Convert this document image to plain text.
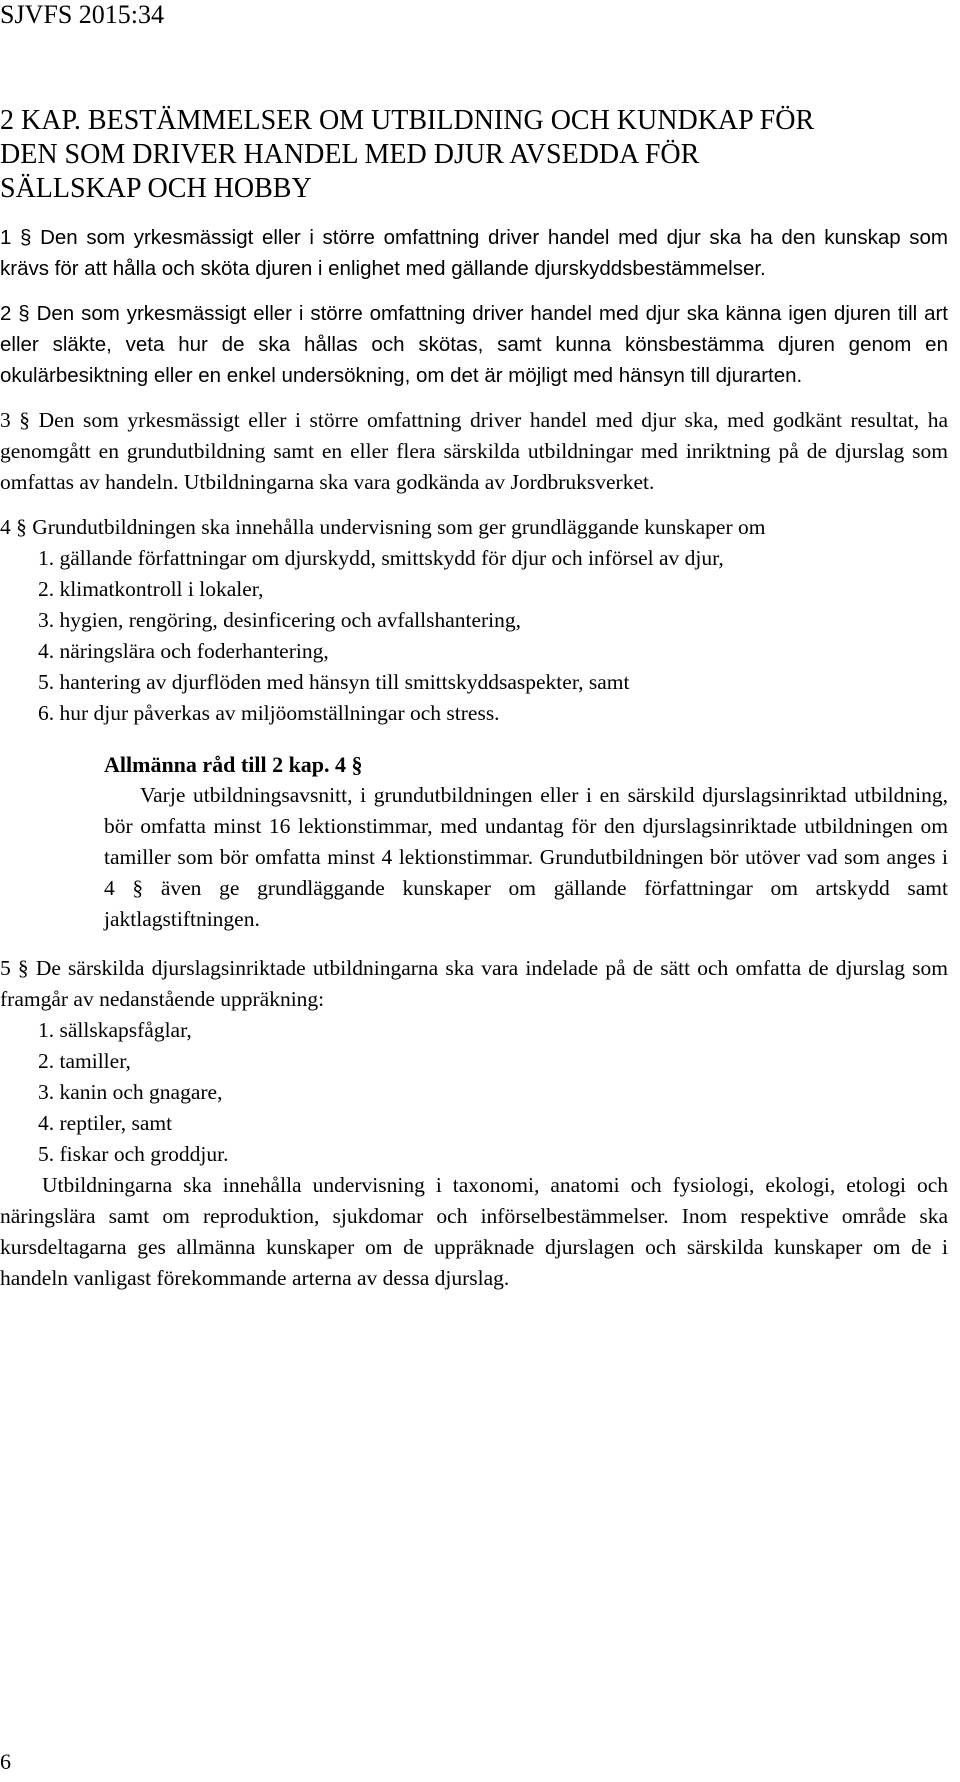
SJVFS 2015:34
2 KAP. BESTÄMMELSER OM UTBILDNING OCH KUNDKAP FÖR
DEN SOM DRIVER HANDEL MED DJUR AVSEDDA FÖR
SÄLLSKAP OCH HOBBY

1 § Den som yrkesmässigt eller i större omfattning driver handel med djur ska ha den kunskap som krävs för att hålla och sköta djuren i enlighet med gällande djurskyddsbestämmelser.

2 § Den som yrkesmässigt eller i större omfattning driver handel med djur ska känna igen djuren till art eller släkte, veta hur de ska hållas och skötas, samt kunna könsbestämma djuren genom en okulärbesiktning eller en enkel undersökning, om det är möjligt med hänsyn till djurarten.

3 § Den som yrkesmässigt eller i större omfattning driver handel med djur ska, med godkänt resultat, ha genomgått en grundutbildning samt en eller flera särskilda utbildningar med inriktning på de djurslag som omfattas av handeln. Utbildningarna ska vara godkända av Jordbruksverket.

4 § Grundutbildningen ska innehålla undervisning som ger grundläggande kunskaper om

1. gällande författningar om djurskydd, smittskydd för djur och införsel av djur,
2. klimatkontroll i lokaler,
3. hygien, rengöring, desinficering och avfallshantering,
4. näringslära och foderhantering,
5. hantering av djurflöden med hänsyn till smittskyddsaspekter, samt
6. hur djur påverkas av miljöomställningar och stress.

Allmänna råd till 2 kap. 4 §

Varje utbildningsavsnitt, i grundutbildningen eller i en särskild djurslagsinriktad utbildning, bör omfatta minst 16 lektionstimmar, med undantag för den djurslagsinriktade utbildningen om tamiller som bör omfatta minst 4 lektionstimmar. Grundutbildningen bör utöver vad som anges i 4 § även ge grundläggande kunskaper om gällande författningar om artskydd samt jaktlagstiftningen.

5 § De särskilda djurslagsinriktade utbildningarna ska vara indelade på de sätt och omfatta de djurslag som framgår av nedanstående uppräkning:

1. sällskapsfåglar,
2. tamiller,
3. kanin och gnagare,
4. reptiler, samt
5. fiskar och groddjur.

Utbildningarna ska innehålla undervisning i taxonomi, anatomi och fysiologi, ekologi, etologi och näringslära samt om reproduktion, sjukdomar och införselbestämmelser. Inom respektive område ska kursdeltagarna ges allmänna kunskaper om de uppräknade djurslagen och särskilda kunskaper om de i handeln vanligast förekommande arterna av dessa djurslag.

6
